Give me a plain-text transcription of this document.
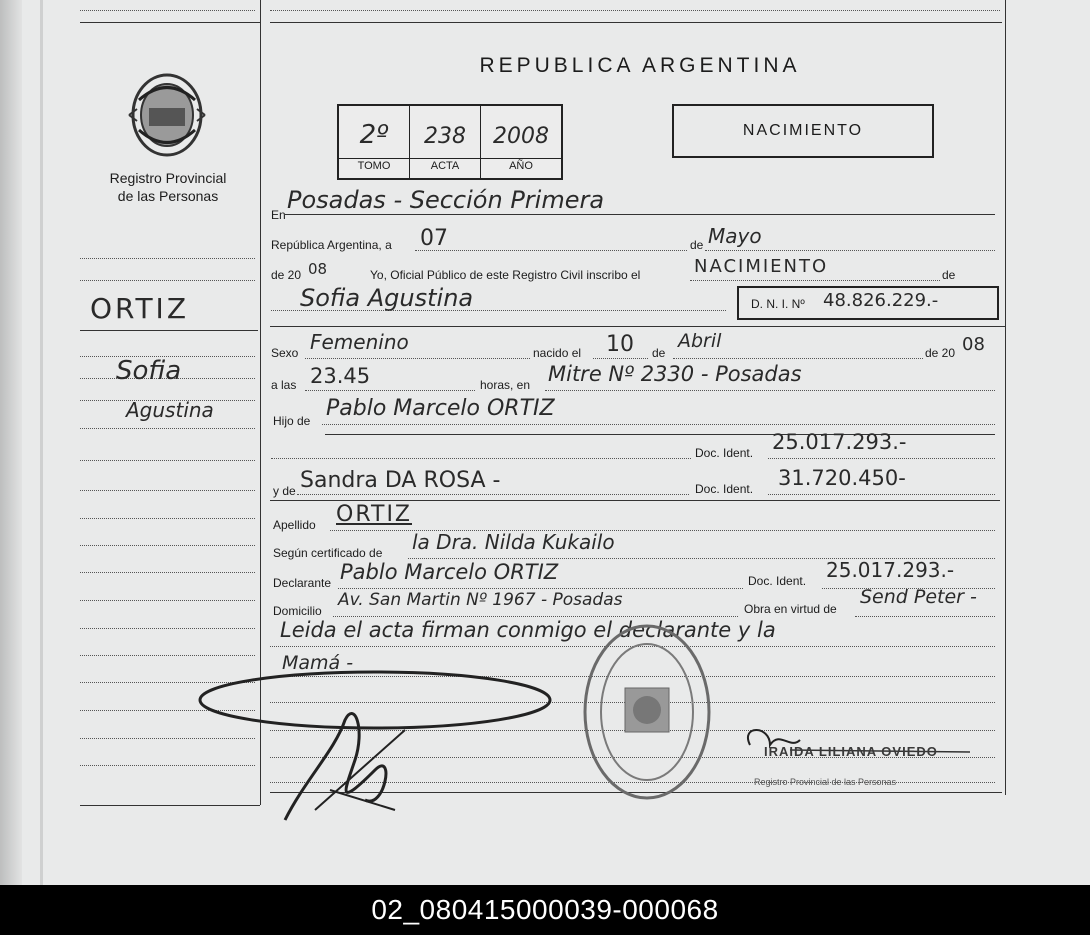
Registro Provincial
de las Personas
ORTIZ
Sofia
Agustina
REPUBLICA ARGENTINA
2º	238	2008
TOMO	ACTA	AÑO
NACIMIENTO
En
Posadas - Sección Primera
República Argentina, a 07	de Mayo
de 20 08	Yo, Oficial Público de este Registro Civil inscribo el	NACIMIENTO	de
Sofia Agustina	D. N. I. Nº 48.826.229.-
Sexo Femenino	nacido el 10 de
Abril
de 20 08
a las 23.45	horas, en Mitre Nº 2330 - Posadas
Hijo de Pablo Marcelo ORTIZ
Doc. Ident. 25.017.293.-
y de Sandra DA ROSA -	Doc. Ident. 31.720.450-
Apellido ORTIZ
Según certificado de la Dra. Nilda Kukailo
Declarante Pablo Marcelo ORTIZ	Doc. Ident. 25.017.293.-
Domicilio
Av. San Martin Nº 1967 - Posadas	Obra en virtud de
Send Peter -
Leida el acta firman conmigo el declarante y la
Mamá -
IRAIDA LILIANA OVIEDO
Registro Provincial de las Personas
02_080415000039-000068
